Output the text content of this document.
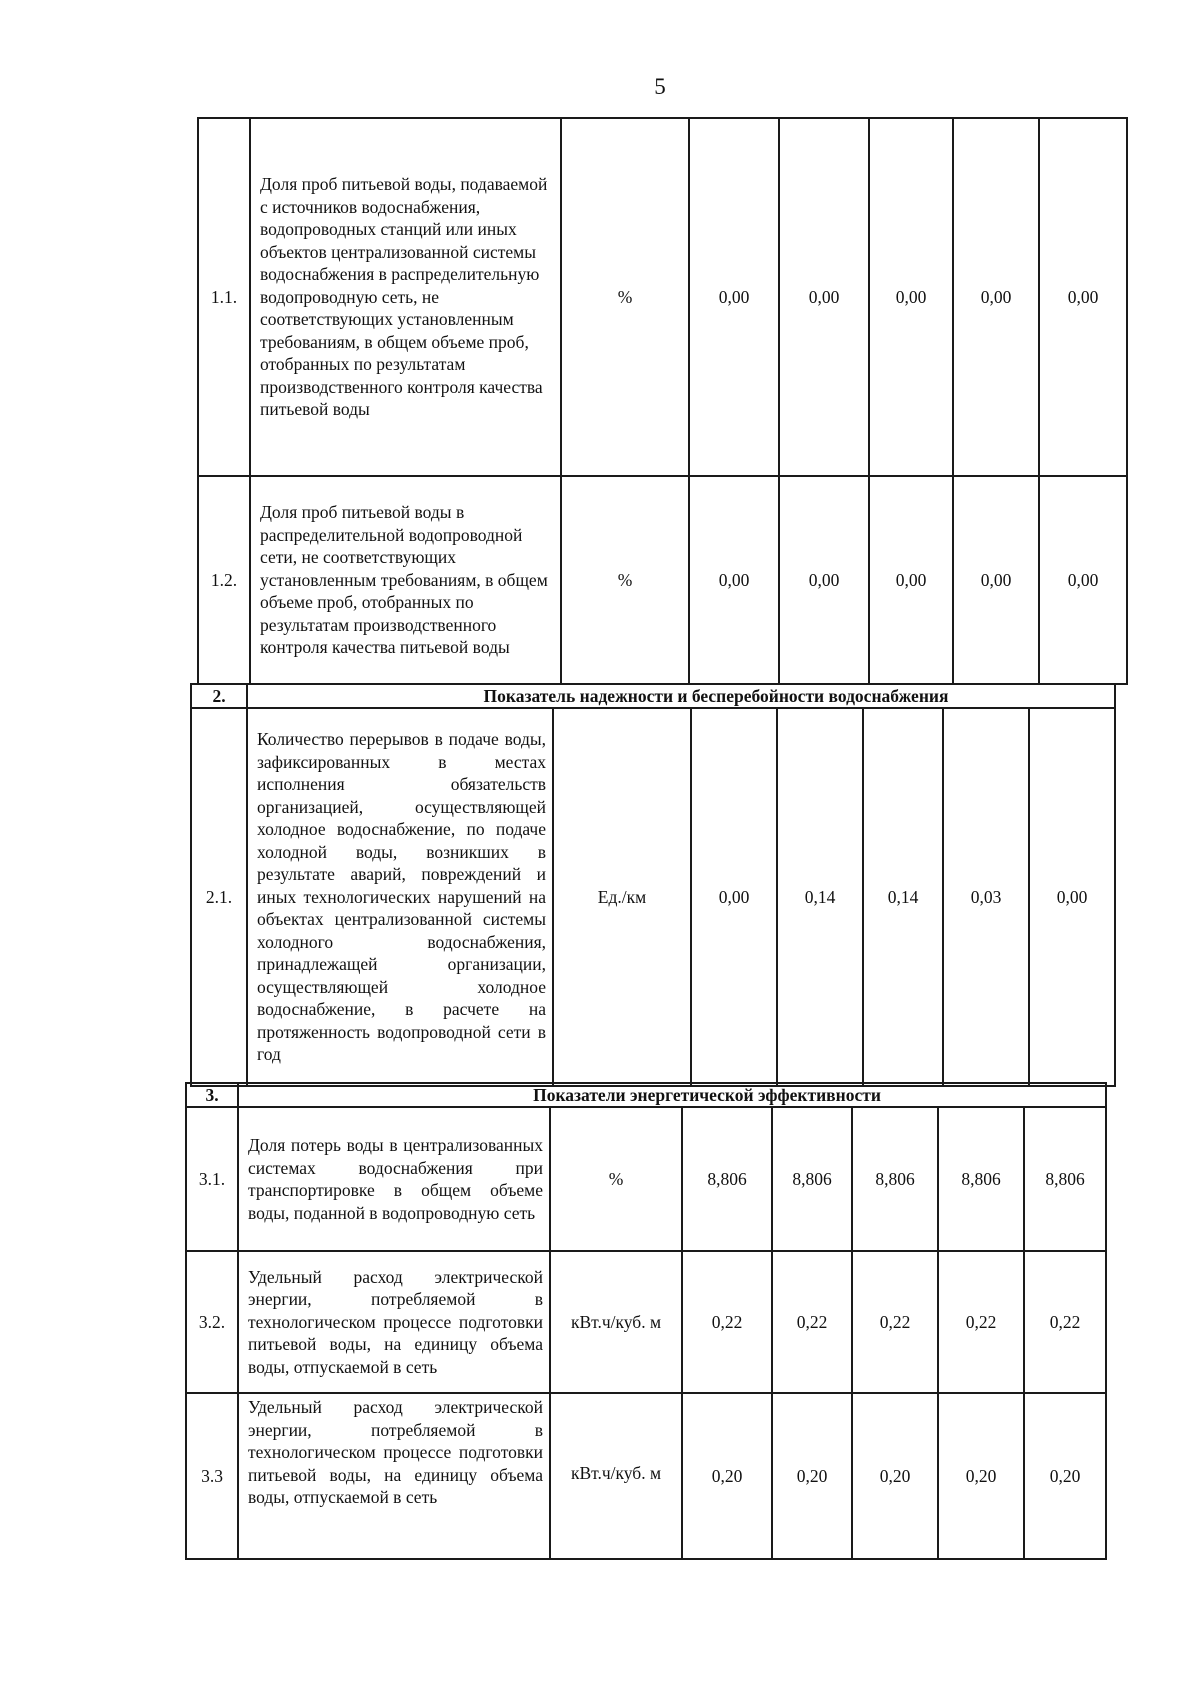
5
1.1.	Доля проб питьевой воды, подаваемой с источников водоснабжения, водопроводных станций или иных объектов централизованной системы водоснабжения в распределительную водопроводную сеть, не соответствующих установленным требованиям, в общем объеме проб, отобранных по результатам производственного контроля качества питьевой воды	%	0,00	0,00	0,00	0,00	0,00
1.2.	Доля проб питьевой воды в распределительной водопроводной сети, не соответствующих установленным требованиям, в общем объеме проб, отобранных по результатам производственного контроля качества питьевой воды	%	0,00	0,00	0,00	0,00	0,00
2.	Показатель надежности и бесперебойности водоснабжения						
2.1.	Количество перерывов в подаче воды, зафиксированных в местах исполнения обязательств организацией, осуществляющей холодное водоснабжение, по подаче холодной воды, возникших в результате аварий, повреждений и иных технологических нарушений на объектах централизованной системы холодного водоснабжения, принадлежащей организации, осуществляющей холодное водоснабжение, в расчете на протяженность водопроводной сети в год	Ед./км	0,00	0,14	0,14	0,03	0,00
3.	Показатели энергетической эффективности						
3.1.	Доля потерь воды в централизованных системах водоснабжения при транспортировке в общем объеме воды, поданной в водопроводную сеть	%	8,806	8,806	8,806	8,806	8,806
3.2.	Удельный расход электрической энергии, потребляемой в технологическом процессе подготовки питьевой воды, на единицу объема воды, отпускаемой в сеть	кВт.ч/куб. м	0,22	0,22	0,22	0,22	0,22
3.3	Удельный расход электрической энергии, потребляемой в технологическом процессе подготовки питьевой воды, на единицу объема воды, отпускаемой в сеть	кВт.ч/куб. м	0,20	0,20	0,20	0,20	0,20
